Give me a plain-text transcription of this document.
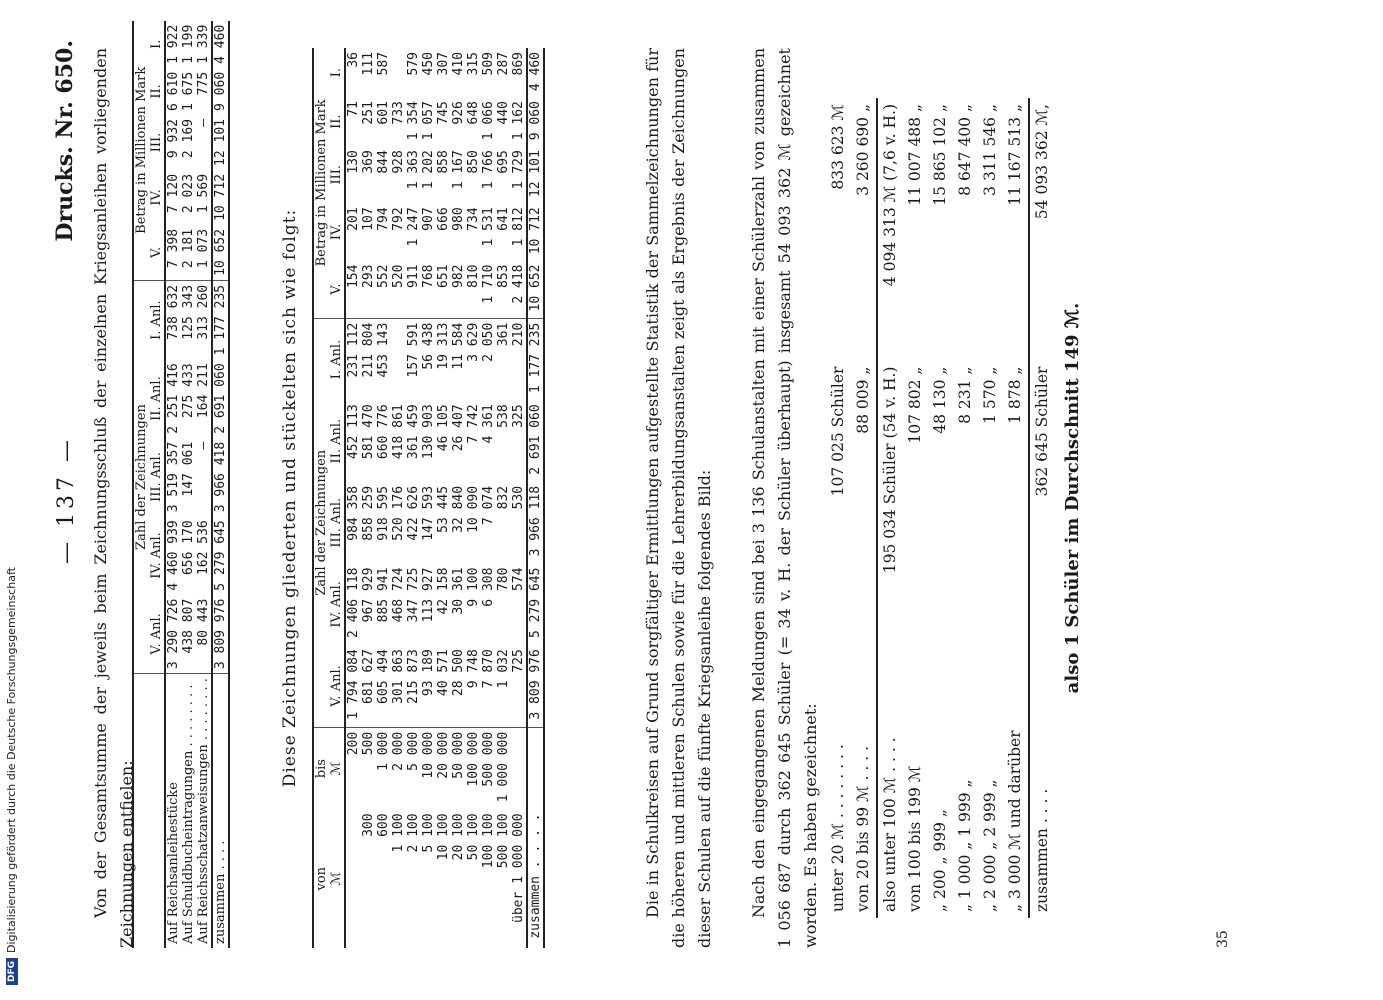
DFG
Digitalisierung gefördert durch die Deutsche Forschungsgemeinschaft
— 137 —
Drucks. Nr. 650. Von der Gesamtsumme der jeweils beim Zeichnungsschluß der einzelnen Kriegsanleihen vorliegenden Zeichnungen entfielen:
	Zahl der Zeichnungen					Betrag in Millionen Mark				
	V. Anl.	IV. Anl.	III. Anl.	II. Anl.	I. Anl.	V.	IV.	III.	II.	I.
Auf Reichsanleihestücke	3 290 726	4 460 939	3 519 357	2 251 416	738 632	7 398	7 120	9 932	6 610	1 922
Auf Schuldbucheintragungen . . . . . . . .	438 807	656 170	147 061	275 433	125 343	2 181	2 023	2 169	1 675	1 199
Auf Reichsschatzanweisungen . . . . . . . .	80 443	162 536	—	164 211	313 260	1 073	1 569	—	775	1 339
zusammen . . . .	3 809 976	5 279 645	3 966 418	2 691 060	1 177 235	10 652	10 712	12 101	9 060	4 460
Diese Zeichnungen gliederten und stückelten sich wie folgt:
von	bis	Zahl der Zeichnungen					Betrag in Millionen Mark				
ℳ	ℳ	V. Anl.	IV. Anl.	III. Anl.	II. Anl.	I. Anl.	V.	IV.	III.	II.	I.
	200	1 794 084	2 406 118	984 358	452 113	231 112	154	201	130	71	36
300	500	681 627	967 929	858 259	581 470	211 804	293	107	369	251	111
600	1 000	605 494	885 941	918 595	660 776	453 143	552	794	844	601	587
1 100	2 000	301 863	468 724	520 176	418 861		520	792	928	733	
2 100	5 000	215 873	347 725	422 626	361 459	157 591	911	1 247	1 363	1 354	579
5 100	10 000	93 189	113 927	147 593	130 903	56 438	768	907	1 202	1 057	450
10 100	20 000	40 571	42 158	53 445	46 105	19 313	651	666	858	745	307
20 100	50 000	28 500	30 361	32 840	26 407	11 584	982	980	1 167	926	410
50 100	100 000	9 748	9 100	10 090	7 742	3 629	810	734	850	648	315
100 100	500 000	7 870	6 308	7 074	4 361	2 050	1 710	1 531	1 766	1 066	509
500 100	1 000 000	1 032	780	832	538	361	853	641	695	440	287
über 1 000 000		725	574	530	325	210	2 418	1 812	1 729	1 162	869
zusammen . . . .		3 809 976	5 279 645	3 966 118	2 691 060	1 177 235	10 652	10 712	12 101	9 060	4 460	Die in Schulkreisen auf Grund sorgfältiger Ermittlungen aufgestellte Statistik der Sammelzeichnungen für die höheren und mittleren Schulen sowie für die Lehrerbildungsanstalten zeigt als Ergebnis der Zeichnungen dieser Schulen auf die fünfte Kriegsanleihe folgendes Bild: Nach den eingegangenen Meldungen sind bei 3 136 Schulanstalten mit einer Schülerzahl von zusammen 1 056 687 durch 362 645 Schüler (= 34 v. H. der Schüler überhaupt) insgesamt 54 093 362 ℳ gezeichnet worden. Es haben gezeichnet: unter 20 ℳ . . . . . . . .	107 025 Schüler	833 623 ℳ
von 20 bis 99 ℳ . . . .	88 009 „	3 260 690 „
also unter 100 ℳ . . . .	195 034 Schüler (54 v. H.)	4 094 313 ℳ (7,6 v. H.)
von 100 bis 199 ℳ	107 802 „	11 007 488 „
„ 200 „ 999 „	48 130 „	15 865 102 „
„ 1 000 „ 1 999 „	8 231 „	8 647 400 „
„ 2 000 „ 2 999 „	1 570 „	3 311 546 „
„ 3 000 ℳ und darüber	1 878 „	11 167 513 „
zusammen . . . .	362 645 Schüler	54 093 362 ℳ,
also 1 Schüler im Durchschnitt 149 ℳ.
35
